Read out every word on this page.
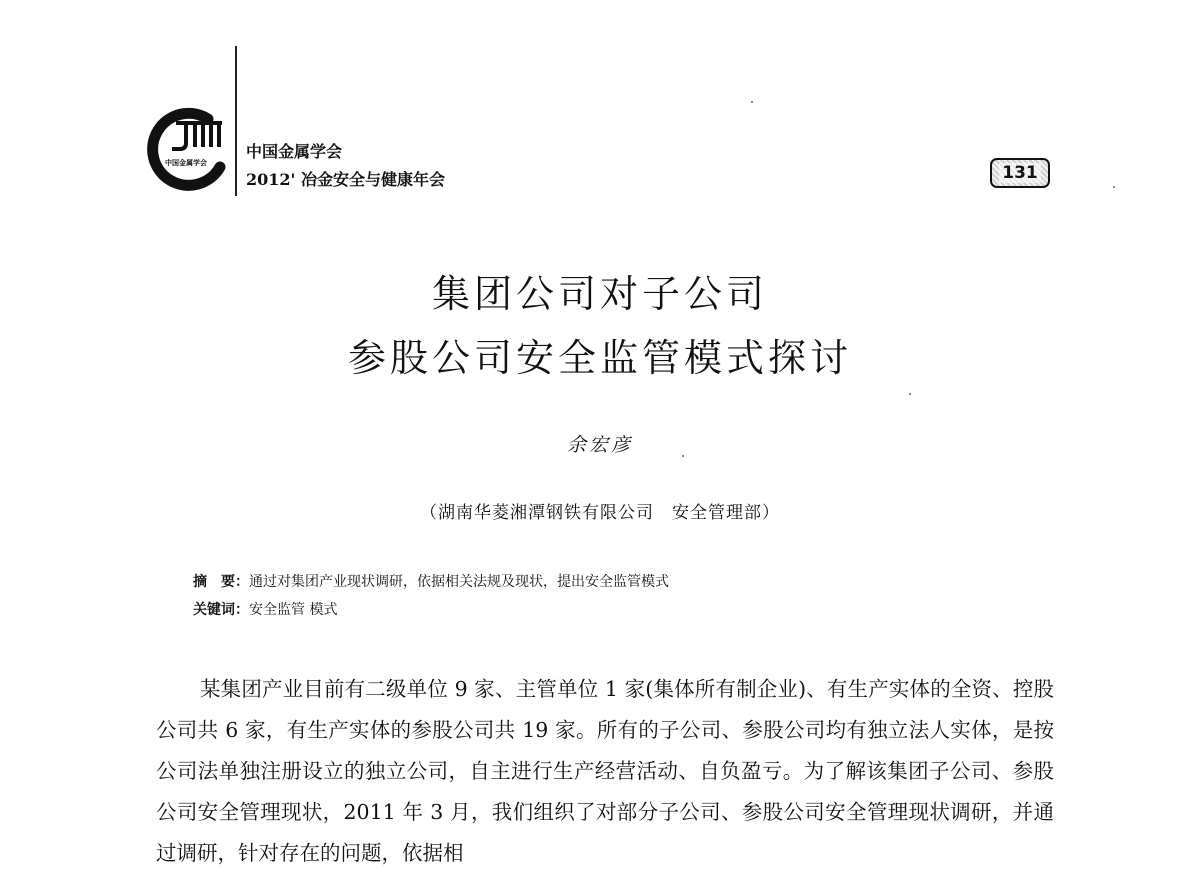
中国金属学会
中国金属学会
2012' 冶金安全与健康年会	131
集团公司对子公司
参股公司安全监管模式探讨
余宏彦
（湖南华菱湘潭钢铁有限公司　安全管理部）
摘　要：通过对集团产业现状调研，依据相关法规及现状，提出安全监管模式
关键词：安全监管 模式

某集团产业目前有二级单位 9 家、主管单位 1 家(集体所有制企业)、有生产实体的全资、控股公司共 6 家，有生产实体的参股公司共 19 家。所有的子公司、参股公司均有独立法人实体，是按公司法单独注册设立的独立公司，自主进行生产经营活动、自负盈亏。为了解该集团子公司、参股公司安全管理现状，2011 年 3 月，我们组织了对部分子公司、参股公司安全管理现状调研，并通过调研，针对存在的问题，依据相
